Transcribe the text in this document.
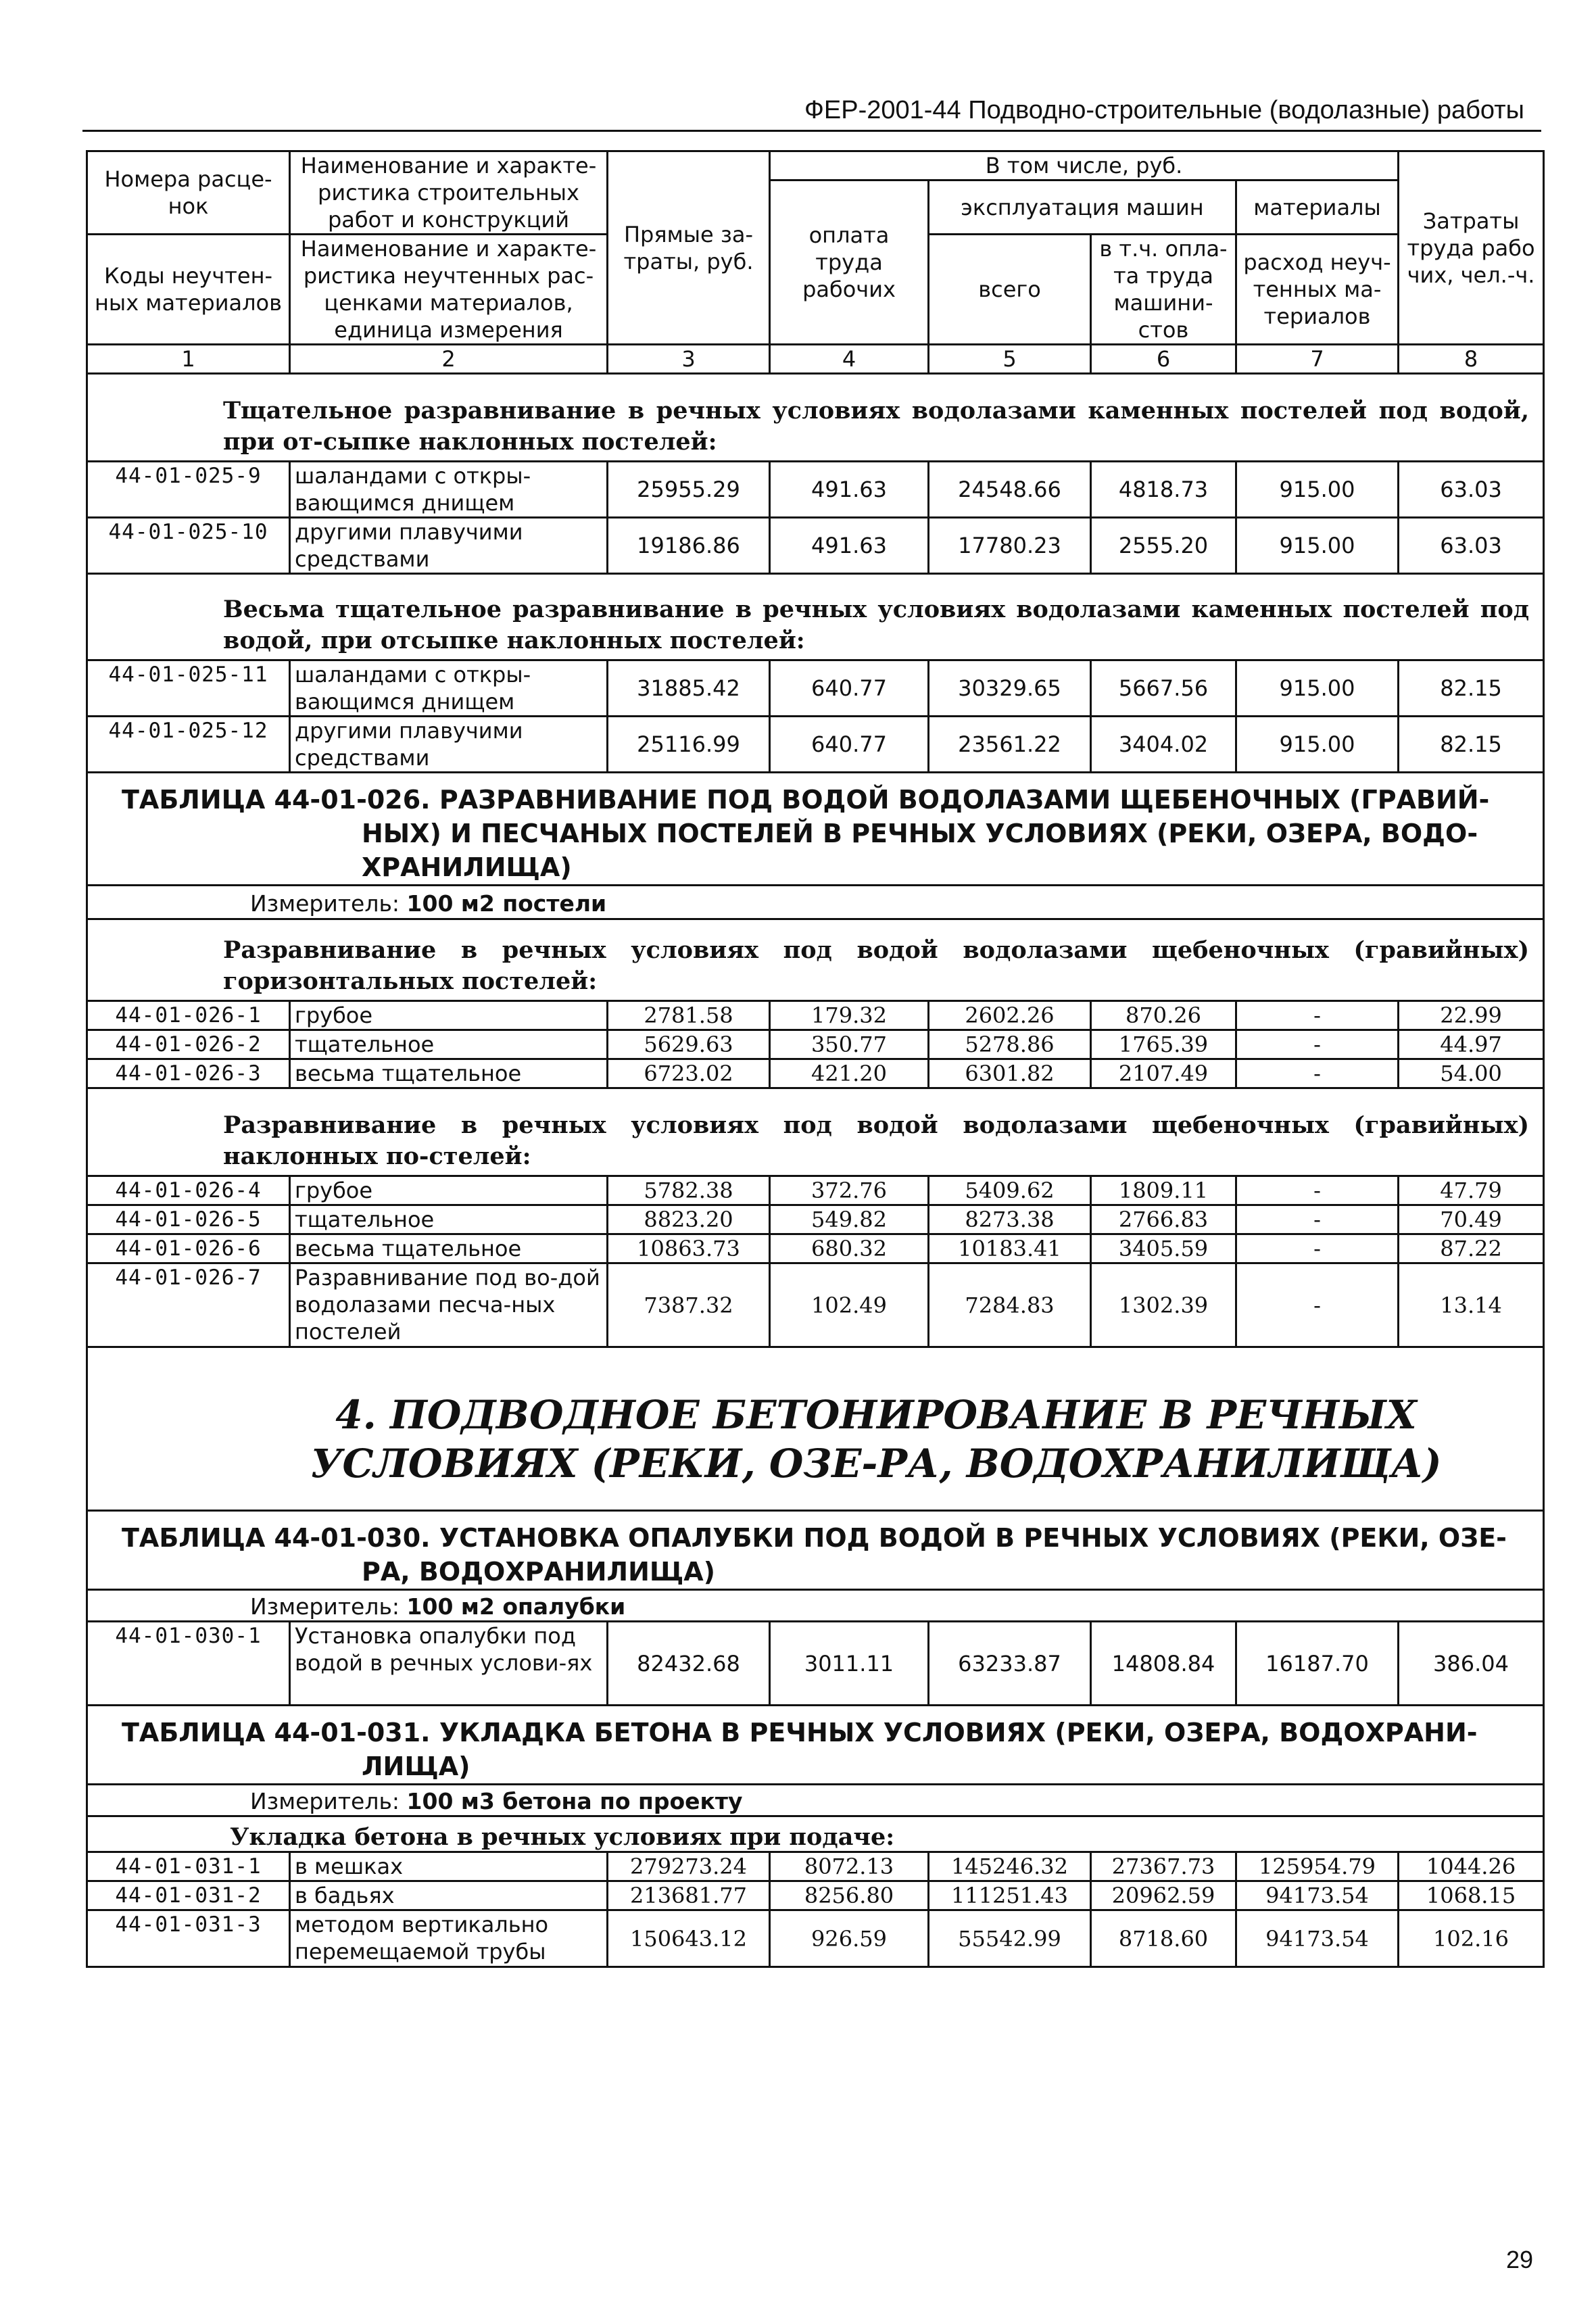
ФЕР-2001-44 Подводно-строительные (водолазные) работы
Номера расце-нок	Наименование и характе-ристика строительных работ и конструкций	Прямые за-траты, руб.	В том числе, руб.				Затраты труда рабо чих, чел.-ч.
			оплата труда рабочих	эксплуатация машин		материалы	
Коды неучтен-ных материалов	Наименование и характе-ристика неучтенных рас-ценками материалов, единица измерения			всего	в т.ч. опла-та труда машини-стов	расход неуч-тенных ма-териалов	

1	2	3	4	5	6	7	8
Тщательное разравнивание в речных условиях водолазами каменных постелей под водой, при от-сыпке наклонных постелей:							
44-01-025-9	шаландами с откры-вающимся днищем	25955.29	491.63	24548.66	4818.73	915.00	63.03
44-01-025-10	другими плавучими средствами	19186.86	491.63	17780.23	2555.20	915.00	63.03
Весьма тщательное разравнивание в речных условиях водолазами каменных постелей под водой, при отсыпке наклонных постелей:							
44-01-025-11	шаландами с откры-вающимся днищем	31885.42	640.77	30329.65	5667.56	915.00	82.15
44-01-025-12	другими плавучими средствами	25116.99	640.77	23561.22	3404.02	915.00	82.15
ТАБЛИЦА 44-01-026. РАЗРАВНИВАНИЕ ПОД ВОДОЙ ВОДОЛАЗАМИ ЩЕБЕНОЧНЫХ (ГРАВИЙ-
НЫХ) И ПЕСЧАНЫХ ПОСТЕЛЕЙ В РЕЧНЫХ УСЛОВИЯХ (РЕКИ, ОЗЕРА, ВОДО-ХРАНИЛИЩА)							
Измеритель: 100 м2 постели							
Разравнивание в речных условиях под водой водолазами щебеночных (гравийных) горизонтальных постелей:							
44-01-026-1	грубое	2781.58	179.32	2602.26	870.26	-	22.99
44-01-026-2	тщательное	5629.63	350.77	5278.86	1765.39	-	44.97
44-01-026-3	весьма тщательное	6723.02	421.20	6301.82	2107.49	-	54.00
Разравнивание в речных условиях под водой водолазами щебеночных (гравийных) наклонных по-стелей:							
44-01-026-4	грубое	5782.38	372.76	5409.62	1809.11	-	47.79
44-01-026-5	тщательное	8823.20	549.82	8273.38	2766.83	-	70.49
44-01-026-6	весьма тщательное	10863.73	680.32	10183.41	3405.59	-	87.22
44-01-026-7	Разравнивание под во-дой водолазами песча-ных постелей	7387.32	102.49	7284.83	1302.39	-	13.14
4. ПОДВОДНОЕ БЕТОНИРОВАНИЕ В РЕЧНЫХ УСЛОВИЯХ (РЕКИ, ОЗЕ-РА, ВОДОХРАНИЛИЩА)							
ТАБЛИЦА 44-01-030. УСТАНОВКА ОПАЛУБКИ ПОД ВОДОЙ В РЕЧНЫХ УСЛОВИЯХ (РЕКИ, ОЗЕ-
РА, ВОДОХРАНИЛИЩА)							
Измеритель: 100 м2 опалубки							
44-01-030-1	Установка опалубки под водой в речных услови-ях	82432.68	3011.11	63233.87	14808.84	16187.70	386.04
ТАБЛИЦА 44-01-031. УКЛАДКА БЕТОНА В РЕЧНЫХ УСЛОВИЯХ (РЕКИ, ОЗЕРА, ВОДОХРАНИ-
ЛИЩА)							
Измеритель: 100 м3 бетона по проекту							
Укладка бетона в речных условиях при подаче:							
44-01-031-1	в мешках	279273.24	8072.13	145246.32	27367.73	125954.79	1044.26
44-01-031-2	в бадьях	213681.77	8256.80	111251.43	20962.59	94173.54	1068.15
44-01-031-3	методом вертикально перемещаемой трубы	150643.12	926.59	55542.99	8718.60	94173.54	102.16
29
